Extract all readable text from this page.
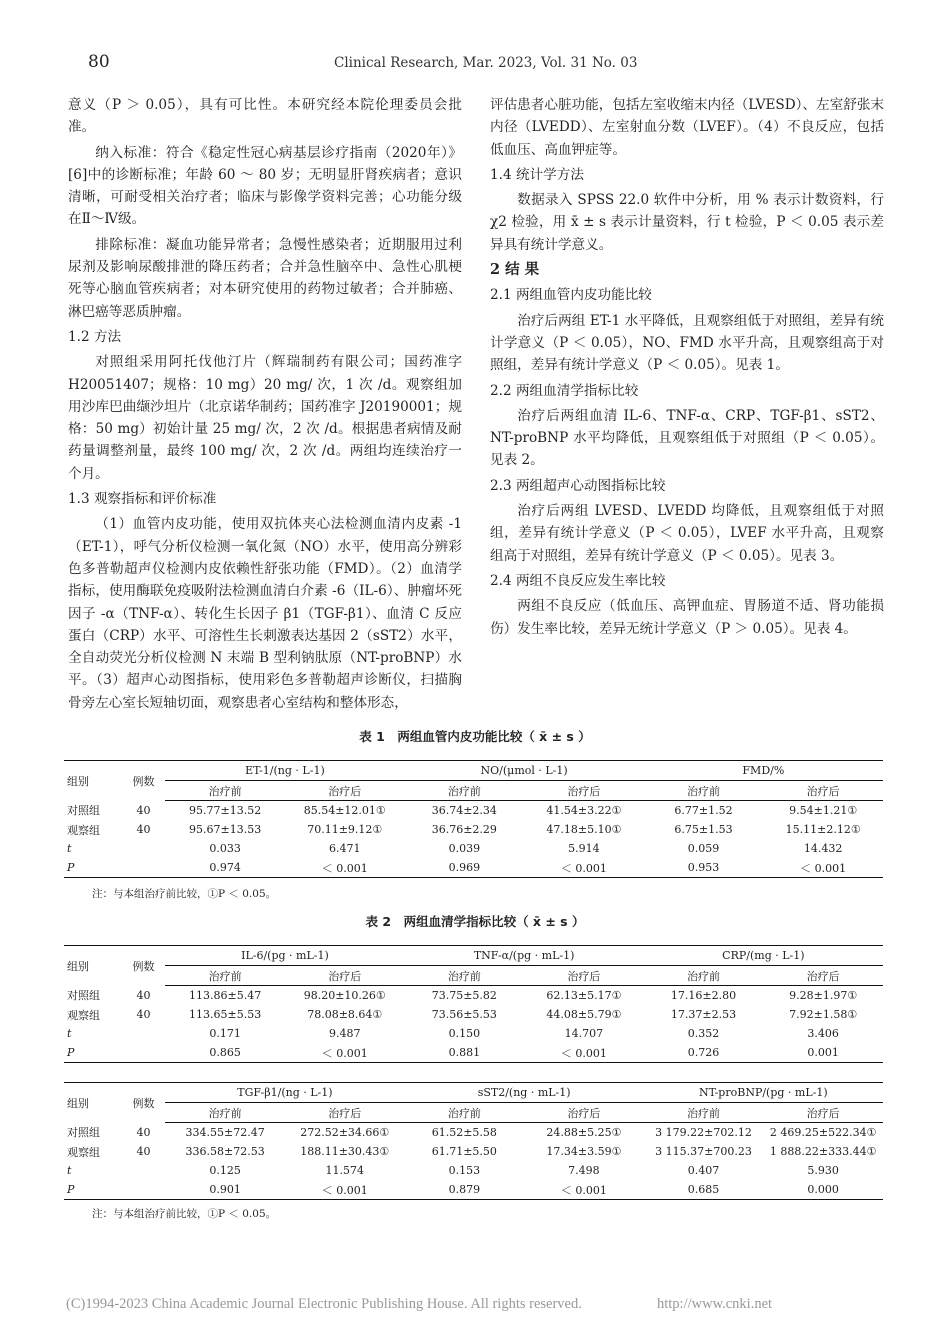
80	Clinical Research, Mar. 2023, Vol. 31 No. 03

意义（P ＞ 0.05），具有可比性。本研究经本院伦理委员会批准。

纳入标准：符合《稳定性冠心病基层诊疗指南（2020年）》[6]中的诊断标准；年龄 60 ～ 80 岁；无明显肝肾疾病者；意识清晰，可耐受相关治疗者；临床与影像学资料完善；心功能分级在Ⅱ～Ⅳ级。

排除标准：凝血功能异常者；急慢性感染者；近期服用过利尿剂及影响尿酸排泄的降压药者；合并急性脑卒中、急性心肌梗死等心脑血管疾病者；对本研究使用的药物过敏者；合并肺癌、淋巴癌等恶质肿瘤。

1.2 方法

对照组采用阿托伐他汀片（辉瑞制药有限公司；国药准字 H20051407；规格：10 mg）20 mg/ 次，1 次 /d。观察组加用沙库巴曲缬沙坦片（北京诺华制药；国药准字 J20190001；规格：50 mg）初始计量 25 mg/ 次，2 次 /d。根据患者病情及耐药量调整剂量，最终 100 mg/ 次，2 次 /d。两组均连续治疗一个月。

1.3 观察指标和评价标准

（1）血管内皮功能，使用双抗体夹心法检测血清内皮素 -1（ET-1），呼气分析仪检测一氧化氮（NO）水平，使用高分辨彩色多普勒超声仪检测内皮依赖性舒张功能（FMD）。（2）血清学指标，使用酶联免疫吸附法检测血清白介素 -6（IL-6）、肿瘤坏死因子 -α（TNF-α）、转化生长因子 β1（TGF-β1）、血清 C 反应蛋白（CRP）水平、可溶性生长刺激表达基因 2（sST2）水平，全自动荧光分析仪检测 N 末端 B 型利钠肽原（NT-proBNP）水平。（3）超声心动图指标，使用彩色多普勒超声诊断仪，扫描胸骨旁左心室长短轴切面，观察患者心室结构和整体形态，

评估患者心脏功能，包括左室收缩末内径（LVESD）、左室舒张末内径（LVEDD）、左室射血分数（LVEF）。（4）不良反应，包括低血压、高血钾症等。

1.4 统计学方法

数据录入 SPSS 22.0 软件中分析，用 % 表示计数资料，行 χ2 检验，用 x̄ ± s 表示计量资料，行 t 检验，P ＜ 0.05 表示差异具有统计学意义。

2 结 果
2.1 两组血管内皮功能比较

治疗后两组 ET-1 水平降低，且观察组低于对照组，差异有统计学意义（P ＜ 0.05），NO、FMD 水平升高，且观察组高于对照组，差异有统计学意义（P ＜ 0.05）。见表 1。

2.2 两组血清学指标比较

治疗后两组血清 IL-6、TNF-α、CRP、TGF-β1、sST2、NT-proBNP 水平均降低，且观察组低于对照组（P ＜ 0.05）。见表 2。

2.3 两组超声心动图指标比较

治疗后两组 LVESD、LVEDD 均降低，且观察组低于对照组，差异有统计学意义（P ＜ 0.05），LVEF 水平升高，且观察组高于对照组，差异有统计学意义（P ＜ 0.05）。见表 3。

2.4 两组不良反应发生率比较

两组不良反应（低血压、高钾血症、胃肠道不适、肾功能损伤）发生率比较，差异无统计学意义（P ＞ 0.05）。见表 4。

表 1　两组血管内皮功能比较（ x̄ ± s ）
组别	例数	ET-1/(ng · L-1)		NO/(μmol · L-1)		FMD/%	
		治疗前	治疗后	治疗前	治疗后	治疗前	治疗后
对照组	40	95.77±13.52	85.54±12.01①	36.74±2.34	41.54±3.22①	6.77±1.52	9.54±1.21①
观察组	40	95.67±13.53	70.11±9.12①	36.76±2.29	47.18±5.10①	6.75±1.53	15.11±2.12①
t		0.033	6.471	0.039	5.914	0.059	14.432
P		0.974	＜ 0.001	0.969	＜ 0.001	0.953	＜ 0.001
注：与本组治疗前比较，①P ＜ 0.05。
表 2　两组血清学指标比较（ x̄ ± s ）
组别	例数	IL-6/(pg · mL-1)		TNF-α/(pg · mL-1)		CRP/(mg · L-1)	
		治疗前	治疗后	治疗前	治疗后	治疗前	治疗后
对照组	40	113.86±5.47	98.20±10.26①	73.75±5.82	62.13±5.17①	17.16±2.80	9.28±1.97①
观察组	40	113.65±5.53	78.08±8.64①	73.56±5.53	44.08±5.79①	17.37±2.53	7.92±1.58①
t		0.171	9.487	0.150	14.707	0.352	3.406
P		0.865	＜ 0.001	0.881	＜ 0.001	0.726	0.001
组别	例数	TGF-β1/(ng · L-1)		sST2/(ng · mL-1)		NT-proBNP/(pg · mL-1)	
		治疗前	治疗后	治疗前	治疗后	治疗前	治疗后
对照组	40	334.55±72.47	272.52±34.66①	61.52±5.58	24.88±5.25①	3 179.22±702.12	2 469.25±522.34①
观察组	40	336.58±72.53	188.11±30.43①	61.71±5.50	17.34±3.59①	3 115.37±700.23	1 888.22±333.44①
t		0.125	11.574	0.153	7.498	0.407	5.930
P		0.901	＜ 0.001	0.879	＜ 0.001	0.685	0.000
注：与本组治疗前比较，①P ＜ 0.05。
(C)1994-2023 China Academic Journal Electronic Publishing House. All rights reserved.	http://www.cnki.net
